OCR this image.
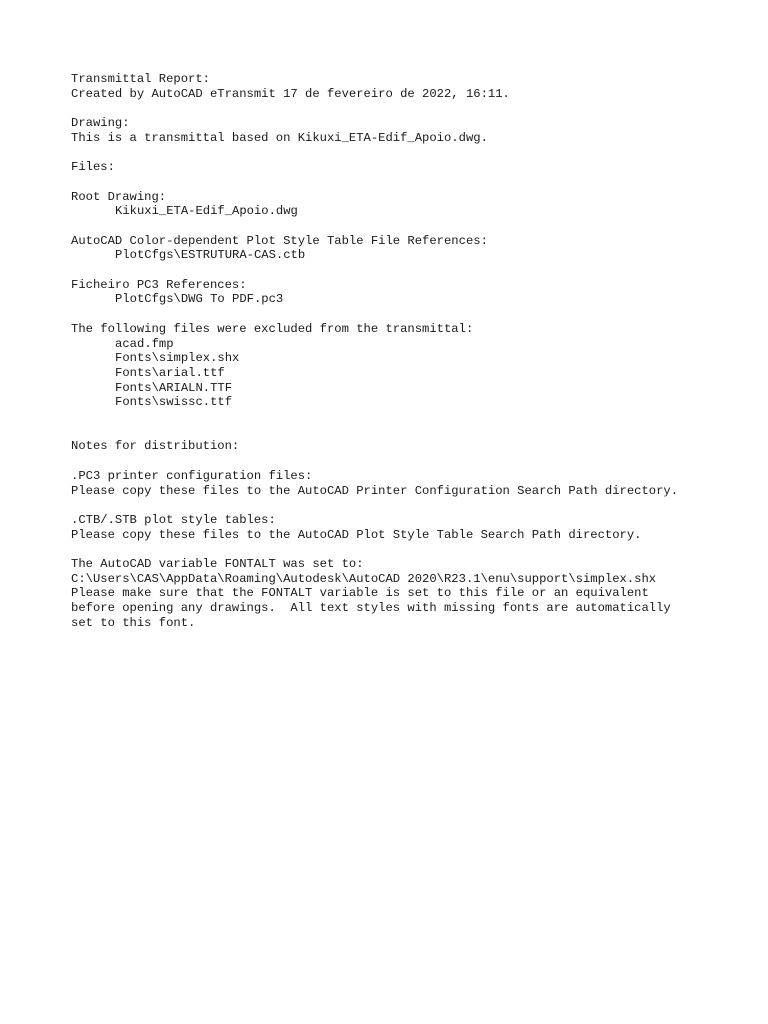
Transmittal Report:
Created by AutoCAD eTransmit 17 de fevereiro de 2022, 16:11.
Drawing:
This is a transmittal based on Kikuxi_ETA-Edif_Apoio.dwg.
Files:
Root Drawing:
Kikuxi_ETA-Edif_Apoio.dwg
AutoCAD Color-dependent Plot Style Table File References:
PlotCfgs\ESTRUTURA-CAS.ctb
Ficheiro PC3 References:
PlotCfgs\DWG To PDF.pc3
The following files were excluded from the transmittal:
acad.fmp
Fonts\simplex.shx
Fonts\arial.ttf
Fonts\ARIALN.TTF
Fonts\swissc.ttf
Notes for distribution:
.PC3 printer configuration files:
Please copy these files to the AutoCAD Printer Configuration Search Path directory.
.CTB/.STB plot style tables:
Please copy these files to the AutoCAD Plot Style Table Search Path directory.
The AutoCAD variable FONTALT was set to:
C:\Users\CAS\AppData\Roaming\Autodesk\AutoCAD 2020\R23.1\enu\support\simplex.shx
Please make sure that the FONTALT variable is set to this file or an equivalent
before opening any drawings.  All text styles with missing fonts are automatically
set to this font.
